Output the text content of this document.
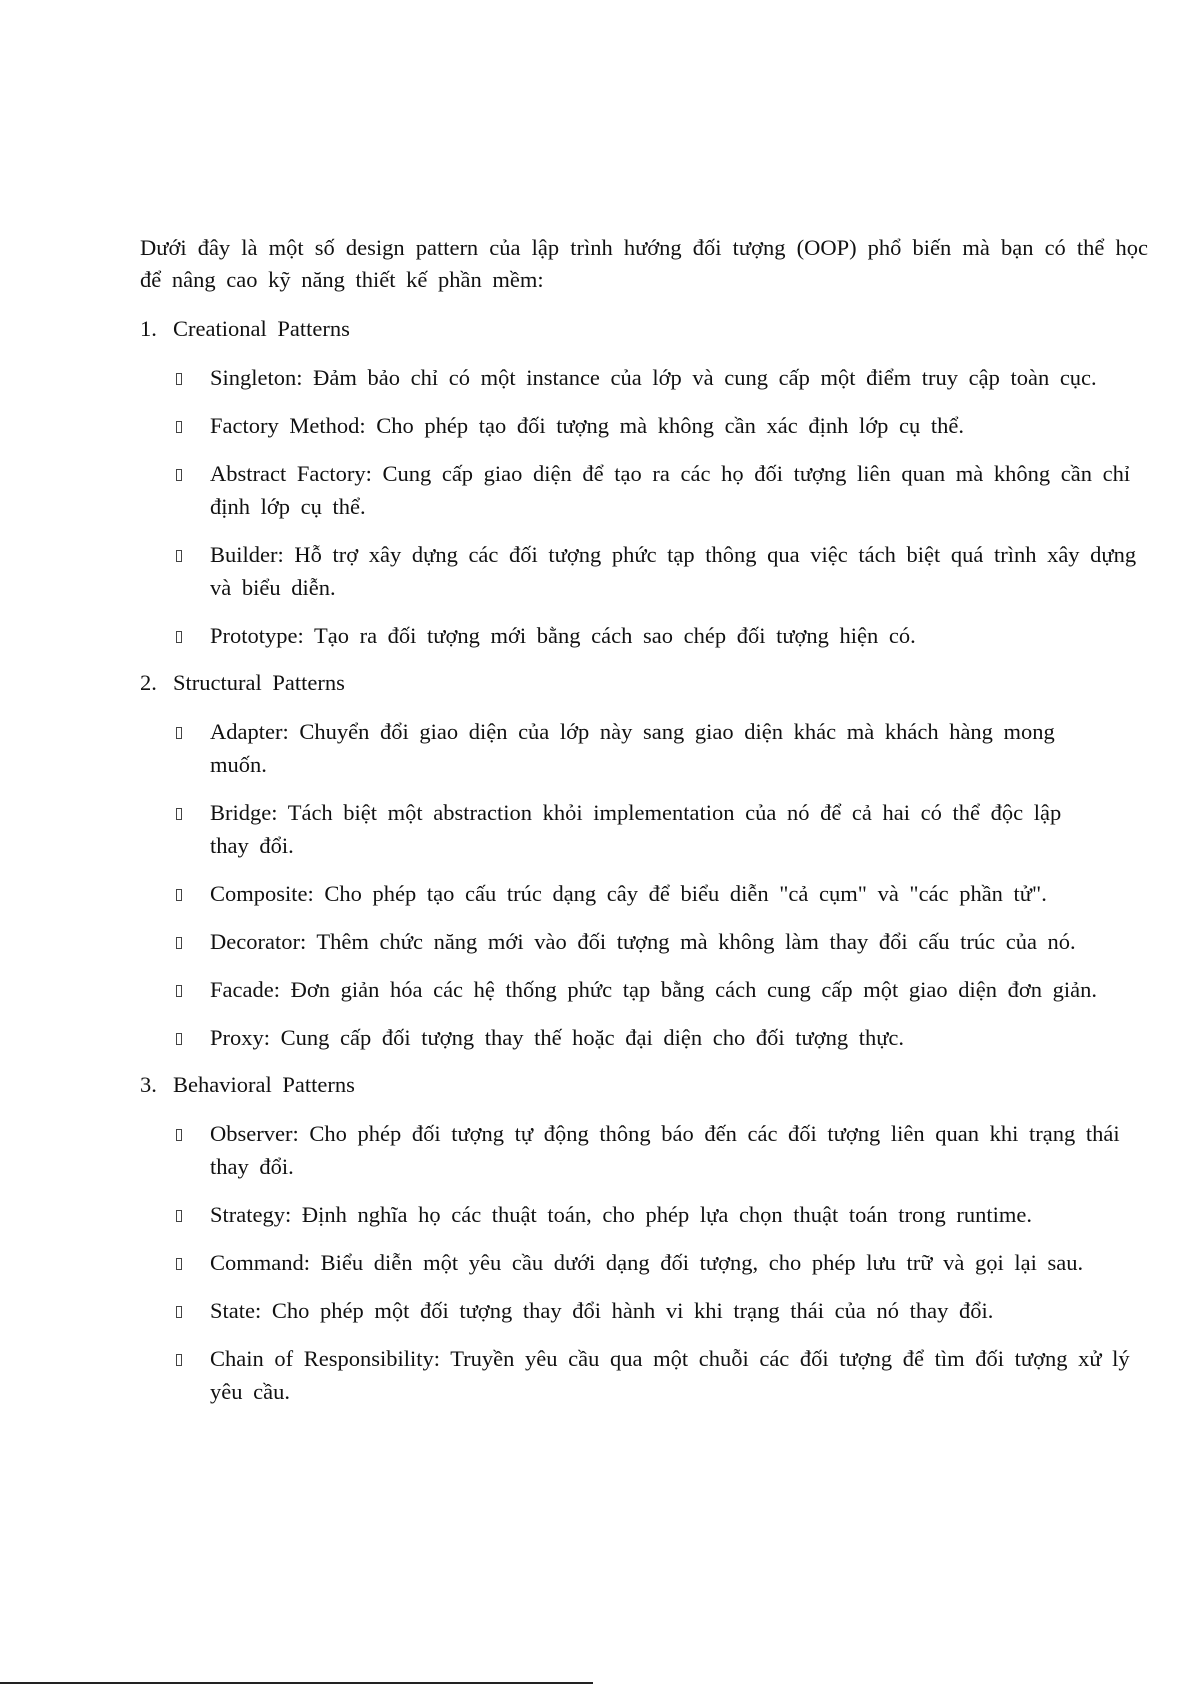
Dưới đây là một số design pattern của lập trình hướng đối tượng (OOP) phổ biến mà bạn có thể học để nâng cao kỹ năng thiết kế phần mềm:

1. Creational Patterns
Singleton: Đảm bảo chỉ có một instance của lớp và cung cấp một điểm truy cập toàn cục.
Factory Method: Cho phép tạo đối tượng mà không cần xác định lớp cụ thể.
Abstract Factory: Cung cấp giao diện để tạo ra các họ đối tượng liên quan mà không cần chỉ định lớp cụ thể.
Builder: Hỗ trợ xây dựng các đối tượng phức tạp thông qua việc tách biệt quá trình xây dựng và biểu diễn.
Prototype: Tạo ra đối tượng mới bằng cách sao chép đối tượng hiện có.
2. Structural Patterns
Adapter: Chuyển đổi giao diện của lớp này sang giao diện khác mà khách hàng mong muốn.
Bridge: Tách biệt một abstraction khỏi implementation của nó để cả hai có thể độc lập thay đổi.
Composite: Cho phép tạo cấu trúc dạng cây để biểu diễn "cả cụm" và "các phần tử".
Decorator: Thêm chức năng mới vào đối tượng mà không làm thay đổi cấu trúc của nó.
Facade: Đơn giản hóa các hệ thống phức tạp bằng cách cung cấp một giao diện đơn giản.
Proxy: Cung cấp đối tượng thay thế hoặc đại diện cho đối tượng thực.
3. Behavioral Patterns
Observer: Cho phép đối tượng tự động thông báo đến các đối tượng liên quan khi trạng thái thay đổi.
Strategy: Định nghĩa họ các thuật toán, cho phép lựa chọn thuật toán trong runtime.
Command: Biểu diễn một yêu cầu dưới dạng đối tượng, cho phép lưu trữ và gọi lại sau.
State: Cho phép một đối tượng thay đổi hành vi khi trạng thái của nó thay đổi.
Chain of Responsibility: Truyền yêu cầu qua một chuỗi các đối tượng để tìm đối tượng xử lý yêu cầu.
